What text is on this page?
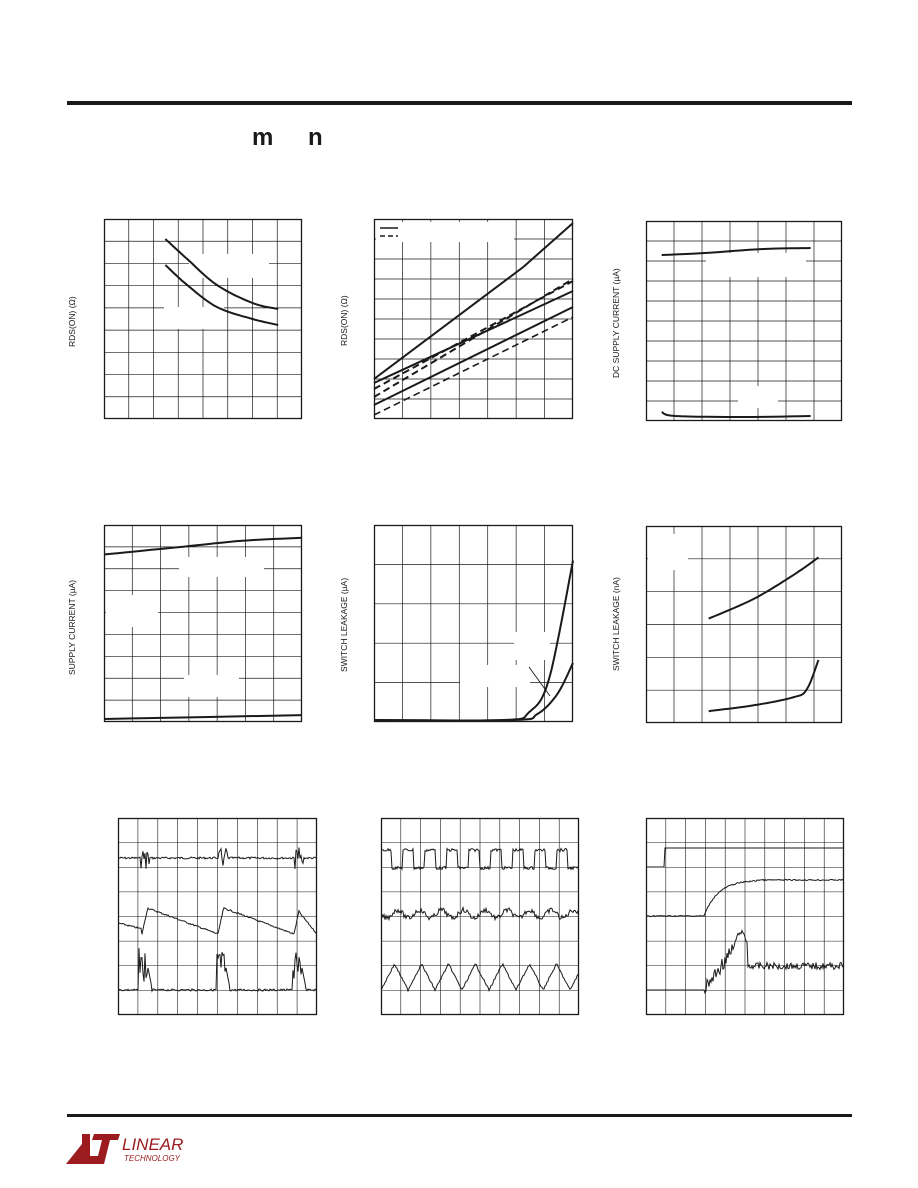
m n
RDS(ON) (Ω)	RDS(ON) (Ω)	DC SUPPLY CURRENT (µA)
SUPPLY CURRENT (µA)	SWITCH LEAKAGE (µA)	SWITCH LEAKAGE (nA)
LINEAR
TECHNOLOGY
